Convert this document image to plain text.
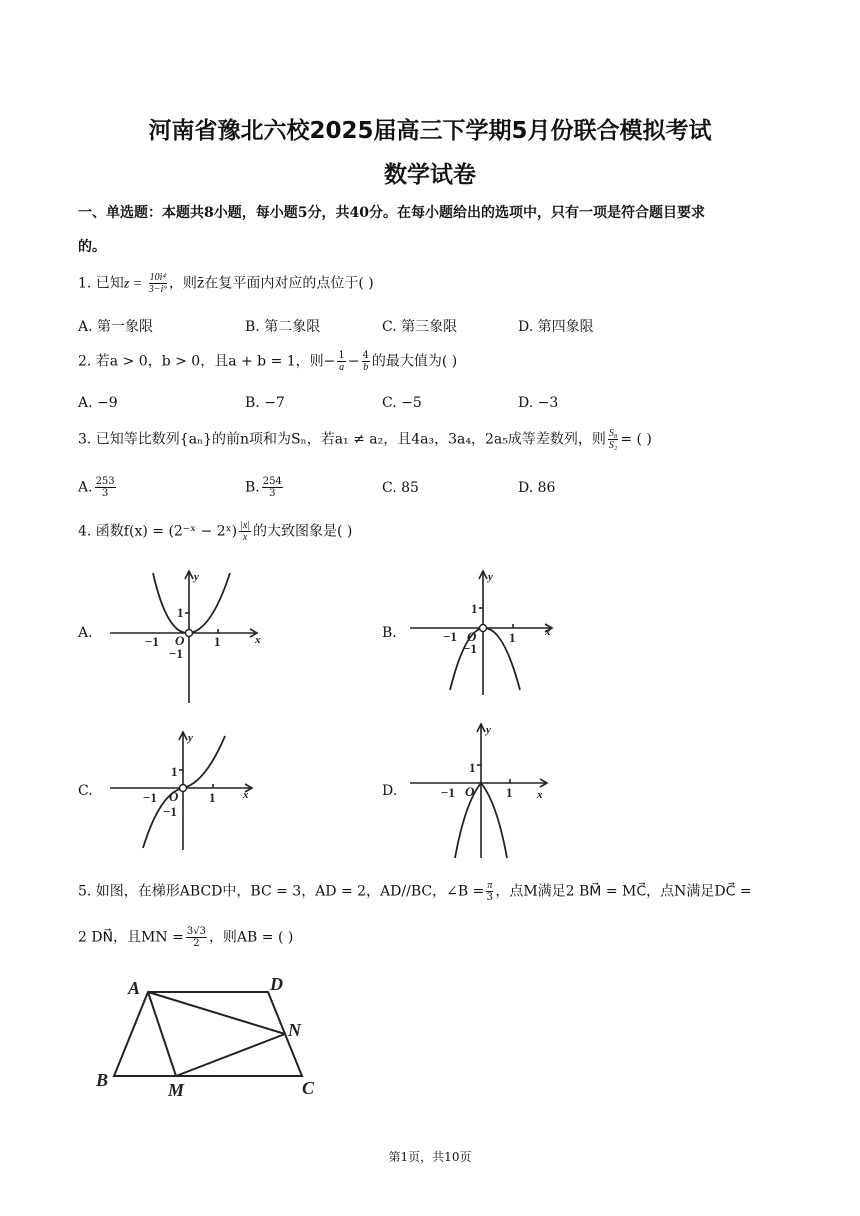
河南省豫北六校2025届高三下学期5月份联合模拟考试
数学试卷
一、单选题：本题共8小题，每小题5分，共40分。在每小题给出的选项中，只有一项是符合题目要求
的。
1. 已知$z = \frac{\text{10i⁴}}{\text{3−i⁹}}$ ，则z̄在复平面内对应的点位于( )
A. 第一象限	B. 第二象限	C. 第三象限	D. 第四象限
2. 若a > 0，b > 0，且a + b = 1，则− $\frac{1}{a} - \frac{4}{b}$ 的最大值为( )
A. −9	B. −7	C. −5	D. −3
3. 已知等比数列{aₙ}的前n项和为Sₙ，若a₁ ≠ a₂，且4a₃，3a₄，2a₅成等差数列，则 $\frac{\text{S₈}}{\text{S₂}}$ = ( )
A. $\frac{253}{3}$	B. $\frac{254}{3}$	C. 85	D. 86
4. 函数f(x) = (2⁻ˣ − 2ˣ) $\frac{|x|}{x}$ 的大致图象是( )
A.	B.
C.	D.
y
x
1
−1 O 1
−1
y
x
1
−1 O	1
−1
y
x
1
−1 O 1
−1
y
x
1
−1 O 1
5. 如图，在梯形ABCD中，BC = 3，AD = 2，AD//BC，∠B = $\frac{\pi}{3}$ ，点M满足2 BM⃗ = MC⃗，点N满足DC⃗ =
2 DN⃗，且MN = $\frac{3√3}{2}$ ，则AB = ( )
A	D
N
B	M	C
第1页，共10页
